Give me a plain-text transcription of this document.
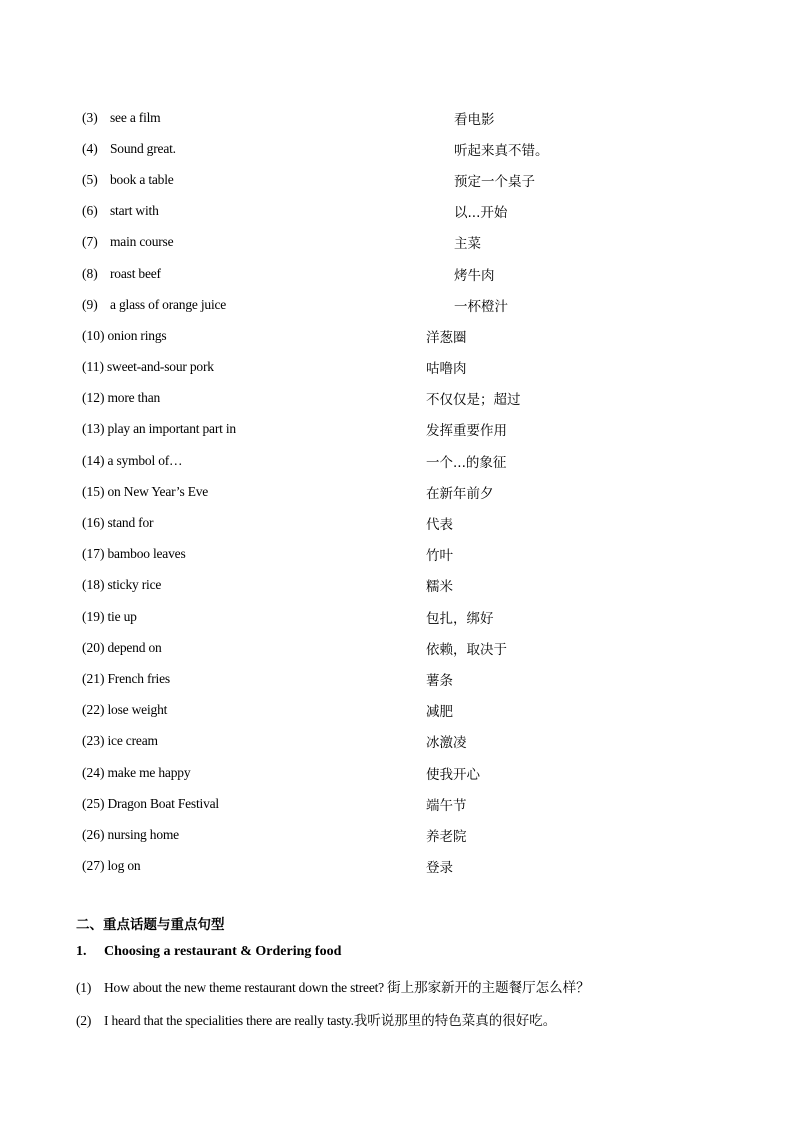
(3) see a film	看电影
(4) Sound great.	听起来真不错。
(5) book a table	预定一个桌子
(6) start with	以...开始
(7) main course	主菜
(8) roast beef	烤牛肉
(9) a glass of orange juice	一杯橙汁
(10) onion rings	洋葱圈
(11) sweet-and-sour pork	咕噜肉
(12) more than	不仅仅是；超过
(13) play an important part in	发挥重要作用
(14) a symbol of…	一个...的象征
(15) on New Year’s Eve	在新年前夕
(16) stand for	代表
(17) bamboo leaves	竹叶
(18) sticky rice	糯米
(19) tie up	包扎，绑好
(20) depend on	依赖，取决于
(21) French fries	薯条
(22) lose weight	减肥
(23) ice cream	冰激凌
(24) make me happy	使我开心
(25) Dragon Boat Festival	端午节
(26) nursing home	养老院
(27) log on	登录
二、重点话题与重点句型
1. Choosing a restaurant & Ordering food
(1) How about the new theme restaurant down the street? 街上那家新开的主题餐厅怎么样？
(2) I heard that the specialities there are really tasty.我听说那里的特色菜真的很好吃。
